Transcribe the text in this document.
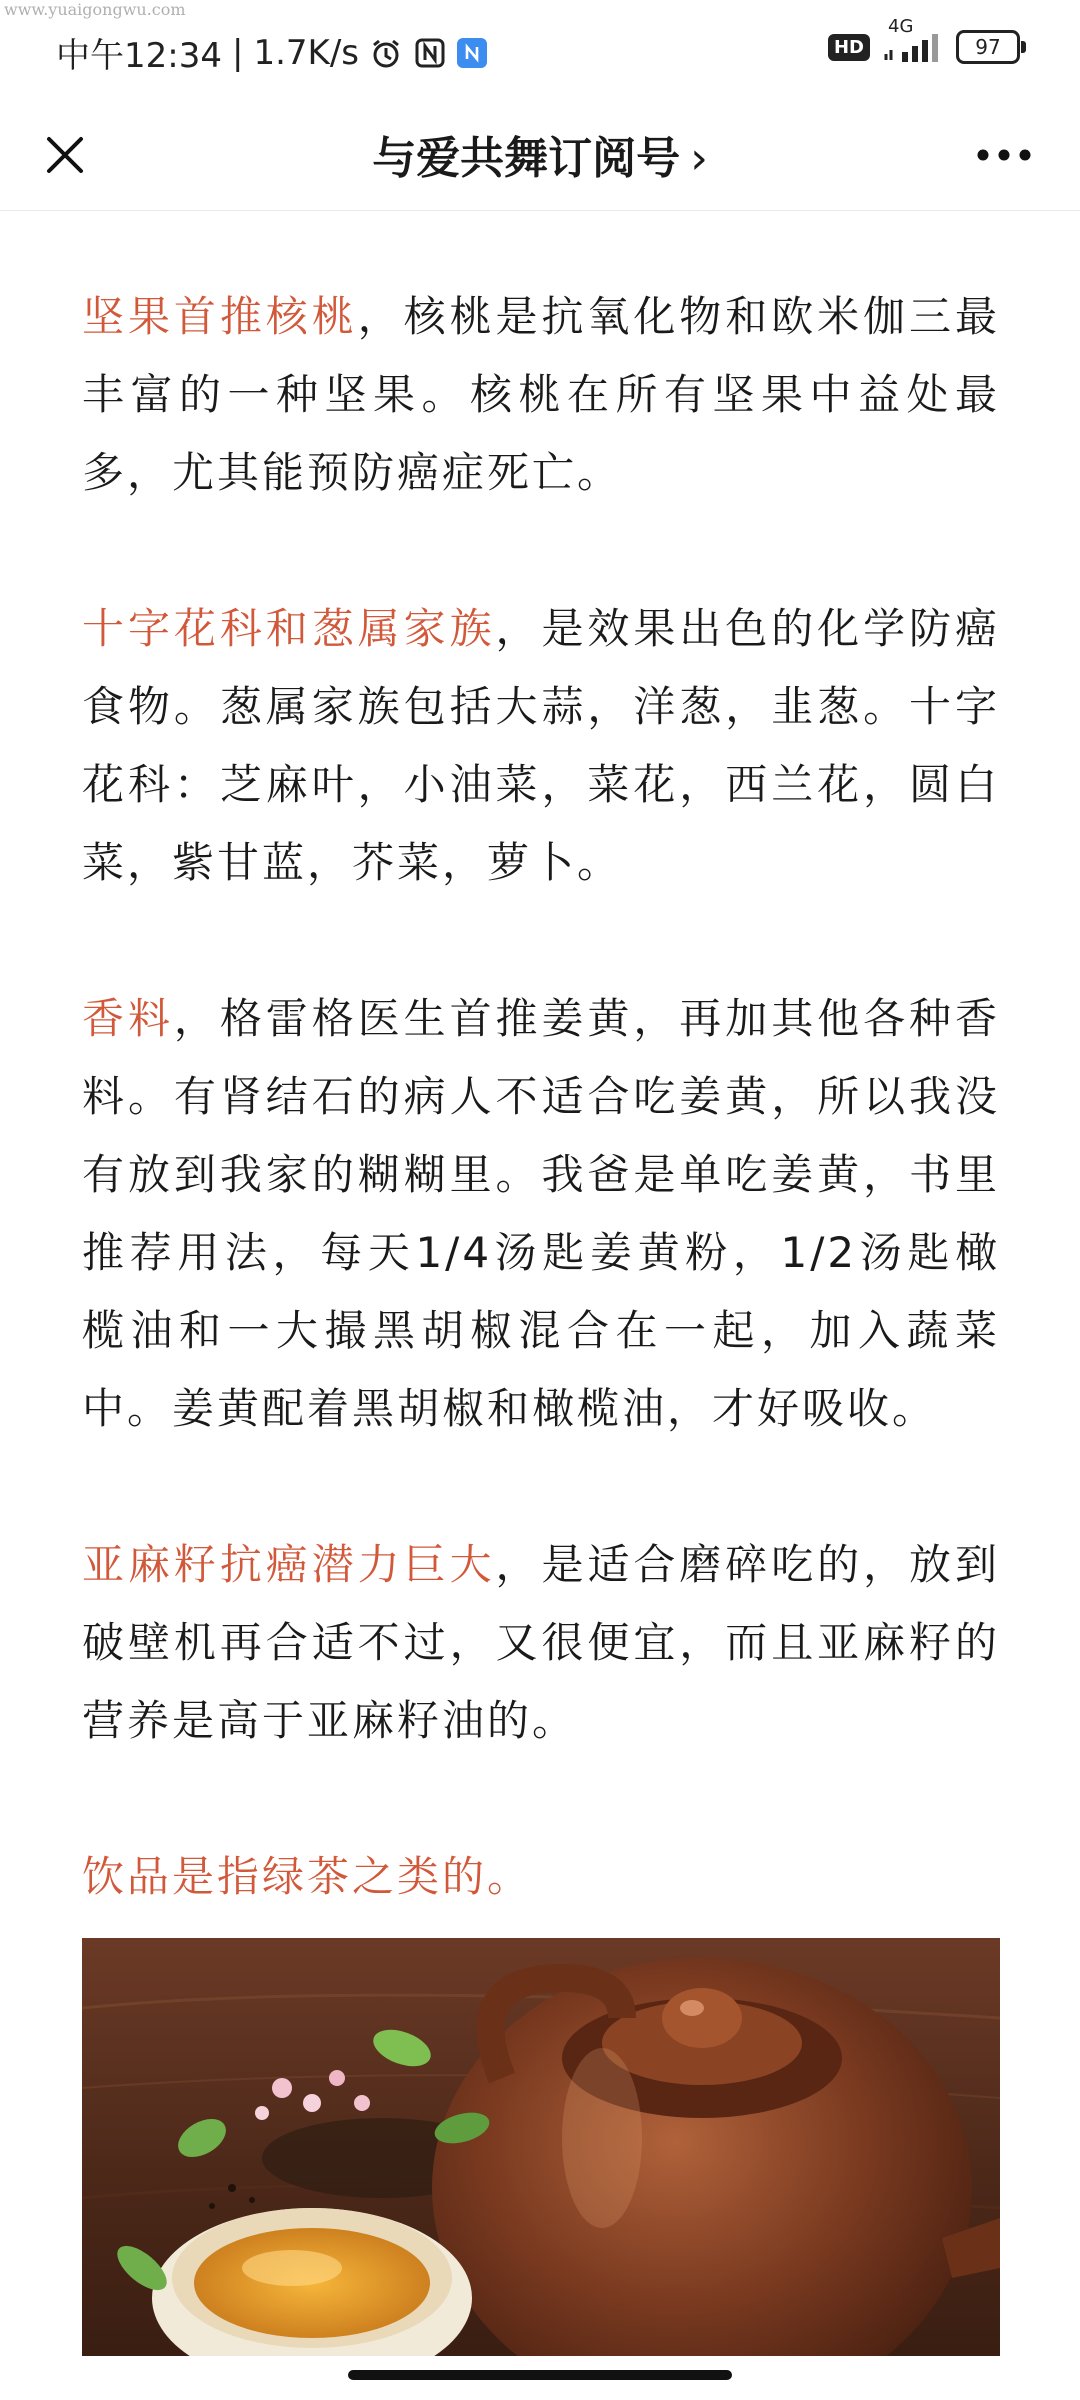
www.yuaigongwu.com
中午12:34 | 1.7K/s	HD
4G
97
与爱共舞订阅号 ›

坚果首推核桃，核桃是抗氧化物和欧米伽三最丰富的一种坚果。核桃在所有坚果中益处最多，尤其能预防癌症死亡。

十字花科和葱属家族，是效果出色的化学防癌食物。葱属家族包括大蒜，洋葱，韭葱。十字花科：芝麻叶，小油菜，菜花，西兰花，圆白菜，紫甘蓝，芥菜，萝卜。

香料，格雷格医生首推姜黄，再加其他各种香料。有肾结石的病人不适合吃姜黄，所以我没有放到我家的糊糊里。我爸是单吃姜黄，书里推荐用法，每天1/4汤匙姜黄粉，1/2汤匙橄榄油和一大撮黑胡椒混合在一起，加入蔬菜中。姜黄配着黑胡椒和橄榄油，才好吸收。

亚麻籽抗癌潜力巨大，是适合磨碎吃的，放到破壁机再合适不过，又很便宜，而且亚麻籽的营养是高于亚麻籽油的。

饮品是指绿茶之类的。
